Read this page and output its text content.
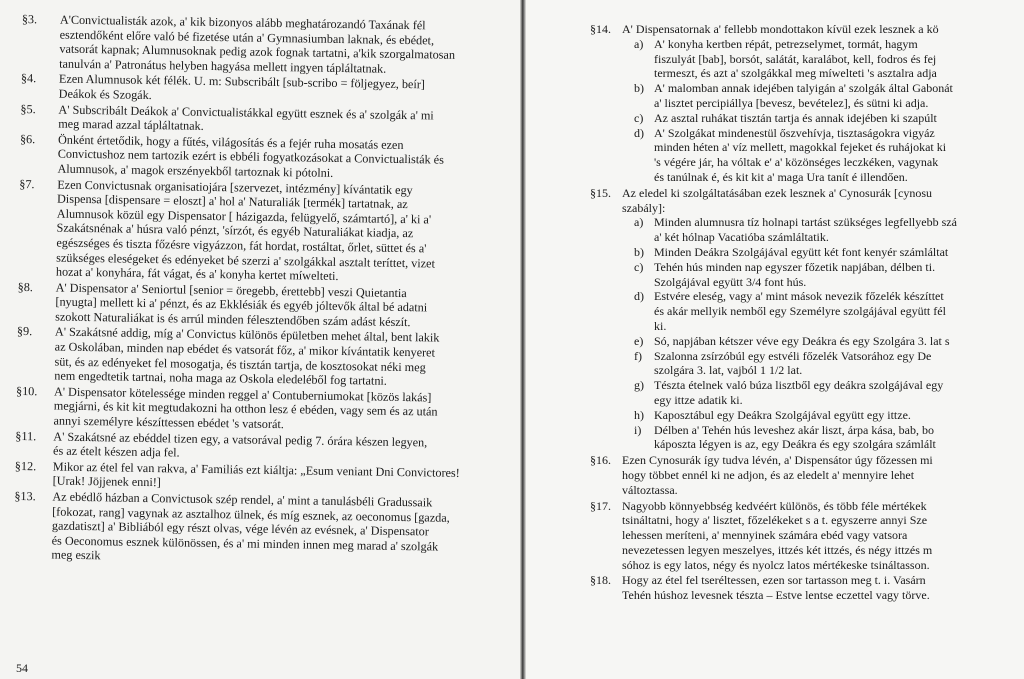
§3. A'Convictualisták azok, a' kik bizonyos alább meghatározandó Taxának fél
esztendőként előre való bé fizetése után a' Gymnasiumban laknak, és ebédet,
vatsorát kapnak; Alumnusoknak pedig azok fognak tartatni, a'kik szorgalmatosan
tanulván a' Patronátus helyben hagyása mellett ingyen tápláltatnak.
§4. Ezen Alumnusok két félék. U. m: Subscribált [sub-scribo = följegyez, beír]
Deákok és Szogák.
§5. A' Subscribált Deákok a' Convictualistákkal együtt esznek és a' szolgák a' mi
meg marad azzal tápláltatnak.
§6. Önként értetődik, hogy a fűtés, világosítás és a fejér ruha mosatás ezen
Convictushoz nem tartozik ezért is ebbéli fogyatkozásokat a Convictualisták és
Alumnusok, a' magok erszényekből tartoznak ki pótolni.
§7. Ezen Convictusnak organisatiojára [szervezet, intézmény] kívántatik egy
Dispensa [dispensare = eloszt] a' hol a' Naturaliák [termék] tartatnak, az
Alumnusok közül egy Dispensator [ házigazda, felügyelő, számtartó], a' ki a'
Szakátsnénak a' húsra való pénzt, 'sírzót, és egyéb Naturaliákat kiadja, az
egészséges és tiszta főzésre vigyázzon, fát hordat, rostáltat, őrlet, süttet és a'
szükséges eleségeket és edényeket bé szerzi a' szolgákkal asztalt teríttet, vizet
hozat a' konyhára, fát vágat, és a' konyha kertet míwelteti.
§8. A' Dispensator a' Seniortul [senior = öregebb, érettebb] veszi Quietantia
[nyugta] mellett ki a' pénzt, és az Ekklésiák és egyéb jóltevők által bé adatni
szokott Naturaliákat is és arrúl minden félesztendőben szám adást készít.
§9. A' Szakátsné addig, míg a' Convictus különös épületben mehet által, bent lakik
az Oskolában, minden nap ebédet és vatsorát főz, a' mikor kívántatik kenyeret
süt, és az edényeket fel mosogatja, és tisztán tartja, de kosztosokat néki meg
nem engedtetik tartnai, noha maga az Oskola eledeléből fog tartatni.
§10. A' Dispensator kötelessége minden reggel a' Contuberniumokat [közös lakás]
megjárni, és kit kit megtudakozni ha otthon lesz é ebéden, vagy sem és az után
annyi személyre készíttessen ebédet 's vatsorát.
§11. A' Szakátsné az ebéddel tizen egy, a vatsorával pedig 7. órára készen legyen,
és az ételt készen adja fel.
§12. Mikor az étel fel van rakva, a' Familiás ezt kiáltja: „Esum veniant Dni Convictores!
[Urak! Jöjjenek enni!]
§13. Az ebédlő házban a Convictusok szép rendel, a' mint a tanulásbéli Gradussaik
[fokozat, rang] vagynak az asztalhoz ülnek, és míg esznek, az oeconomus [gazda,
gazdatiszt] a' Bibliából egy részt olvas, vége lévén az evésnek, a' Dispensator
és Oeconomus esznek különössen, és a' mi minden innen meg marad a' szolgák
meg eszik
54
§14. A' Dispensatornak a' fellebb mondottakon kívül ezek lesznek a kö
a) A' konyha kertben répát, petrezselymet, tormát, hagym
fiszulyát [bab], borsót, salátát, karalábot, kell, fodros és fej
termeszt, és azt a' szolgákkal meg míwelteti 's asztalra adja
b) A' malomban annak idejében talyigán a' szolgák által Gabonát
a' lisztet percipiállya [bevesz, bevételez], és sütni ki adja.
c) Az asztal ruhákat tisztán tartja és annak idejében ki szapúlt
d) A' Szolgákat mindenestül őszvehívja, tisztaságokra vigyáz
minden héten a' víz mellett, magokkal fejeket és ruhájokat ki
's végére jár, ha vóltak e' a' közönséges leczkéken, vagynak
és tanúlnak é, és kit kit a' maga Ura tanít é illendően.
§15. Az eledel ki szolgáltatásában ezek lesznek a' Cynosurák [cynosu
szabály]:
a) Minden alumnusra tíz holnapi tartást szükséges legfellyebb szá
a' két hólnap Vacatióba számláltatik.
b) Minden Deákra Szolgájával együtt két font kenyér számláltat
c) Tehén hús minden nap egyszer főzetik napjában, délben ti.
Szolgájával együtt 3/4 font hús.
d) Estvére eleség, vagy a' mint mások nevezik főzelék készíttet
és akár mellyik nemből egy Személyre szolgájával együtt fél
ki.
e) Só, napjában kétszer véve egy Deákra és egy Szolgára 3. lat s
f) Szalonna zsírzóbúl egy estvéli főzelék Vatsorához egy De
szolgára 3. lat, vajból 1 1/2 lat.
g) Tészta ételnek való búza lisztből egy deákra szolgájával egy
egy ittze adatik ki.
h) Kaposztábul egy Deákra Szolgájával együtt egy ittze.
i) Délben a' Tehén hús leveshez akár liszt, árpa kása, bab, bo
káposzta légyen is az, egy Deákra és egy szolgára számlált
§16. Ezen Cynosurák így tudva lévén, a' Dispensátor úgy főzessen mi
hogy többet ennél ki ne adjon, és az eledelt a' mennyire lehet
változtassa.
§17. Nagyobb könnyebbség kedvéért különös, és több féle mértékek
tsináltatni, hogy a' lisztet, főzelékeket s a t. egyszerre annyi Sze
lehessen meríteni, a' mennyinek számára ebéd vagy vatsora
nevezetessen legyen meszelyes, ittzés két ittzés, és négy ittzés m
sóhoz is egy latos, négy és nyolcz latos mértékeske tsináltasson.
§18. Hogy az étel fel tseréltessen, ezen sor tartasson meg t. i. Vasárn
Tehén húshoz levesnek tészta – Estve lentse eczettel vagy törve.
